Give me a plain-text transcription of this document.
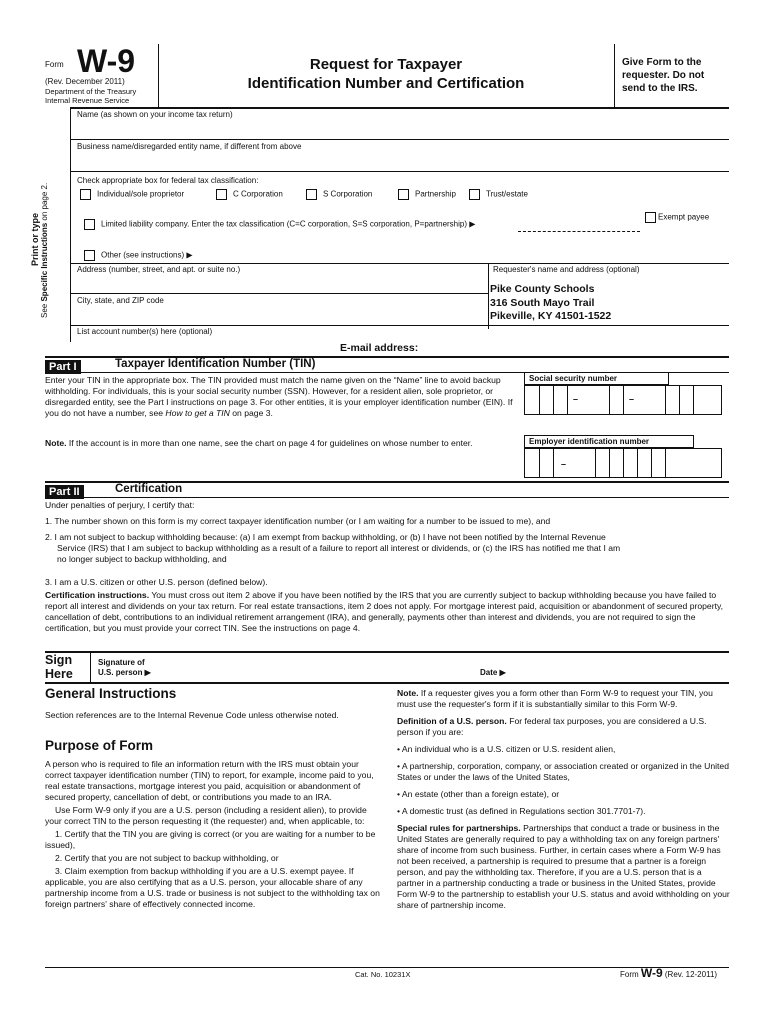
Form W-9
(Rev. December 2011)
Department of the Treasury
Internal Revenue Service
Request for Taxpayer
Identification Number and Certification
Give Form to the requester. Do not send to the IRS.
Print or type
See Specific Instructions on page 2.
Name (as shown on your income tax return)
Business name/disregarded entity name, if different from above
Check appropriate box for federal tax classification:
Individual/sole proprietor	C Corporation	S Corporation	Partnership	Trust/estate
Limited liability company. Enter the tax classification (C=C corporation, S=S corporation, P=partnership) ▶
Exempt payee
Other (see instructions) ▶
Address (number, street, and apt. or suite no.)	Requester's name and address (optional)
City, state, and ZIP code
Pike County Schools
316 South Mayo Trail
Pikeville, KY 41501-1522
List account number(s) here (optional)
E-mail address:
Part I	Taxpayer Identification Number (TIN)
Enter your TIN in the appropriate box. The TIN provided must match the name given on the “Name” line to avoid backup withholding. For individuals, this is your social security number (SSN). However, for a resident alien, sole proprietor, or disregarded entity, see the Part I instructions on page 3. For other entities, it is your employer identification number (EIN). If you do not have a number, see How to get a TIN on page 3.
Note. If the account is in more than one name, see the chart on page 4 for guidelines on whose number to enter.
Social security number
–	–
Employer identification number
–
Part II	Certification
Under penalties of perjury, I certify that:
1. The number shown on this form is my correct taxpayer identification number (or I am waiting for a number to be issued to me), and
2. I am not subject to backup withholding because: (a) I am exempt from backup withholding, or (b) I have not been notified by the Internal Revenue
Service (IRS) that I am subject to backup withholding as a result of a failure to report all interest or dividends, or (c) the IRS has notified me that I am
no longer subject to backup withholding, and
3. I am a U.S. citizen or other U.S. person (defined below).
Certification instructions. You must cross out item 2 above if you have been notified by the IRS that you are currently subject to backup withholding because you have failed to report all interest and dividends on your tax return. For real estate transactions, item 2 does not apply. For mortgage interest paid, acquisition or abandonment of secured property, cancellation of debt, contributions to an individual retirement arrangement (IRA), and generally, payments other than interest and dividends, you are not required to sign the certification, but you must provide your correct TIN. See the instructions on page 4.
Sign
Here
Signature of
U.S. person ▶	Date ▶
General Instructions
Section references are to the Internal Revenue Code unless otherwise noted.
Purpose of Form

A person who is required to file an information return with the IRS must obtain your correct taxpayer identification number (TIN) to report, for example, income paid to you, real estate transactions, mortgage interest you paid, acquisition or abandonment of secured property, cancellation of debt, or contributions you made to an IRA.

Use Form W-9 only if you are a U.S. person (including a resident alien), to provide your correct TIN to the person requesting it (the requester) and, when applicable, to:

1. Certify that the TIN you are giving is correct (or you are waiting for a number to be issued),

2. Certify that you are not subject to backup withholding, or

3. Claim exemption from backup withholding if you are a U.S. exempt payee. If applicable, you are also certifying that as a U.S. person, your allocable share of any partnership income from a U.S. trade or business is not subject to the withholding tax on foreign partners' share of effectively connected income.

Note. If a requester gives you a form other than Form W-9 to request your TIN, you must use the requester's form if it is substantially similar to this Form W-9.

Definition of a U.S. person. For federal tax purposes, you are considered a U.S. person if you are:

• An individual who is a U.S. citizen or U.S. resident alien,

• A partnership, corporation, company, or association created or organized in the United States or under the laws of the United States,

• An estate (other than a foreign estate), or

• A domestic trust (as defined in Regulations section 301.7701-7).

Special rules for partnerships. Partnerships that conduct a trade or business in the United States are generally required to pay a withholding tax on any foreign partners' share of income from such business. Further, in certain cases where a Form W-9 has not been received, a partnership is required to presume that a partner is a foreign person, and pay the withholding tax. Therefore, if you are a U.S. person that is a partner in a partnership conducting a trade or business in the United States, provide Form W-9 to the partnership to establish your U.S. status and avoid withholding on your share of partnership income.

Cat. No. 10231X	Form W-9 (Rev. 12-2011)
